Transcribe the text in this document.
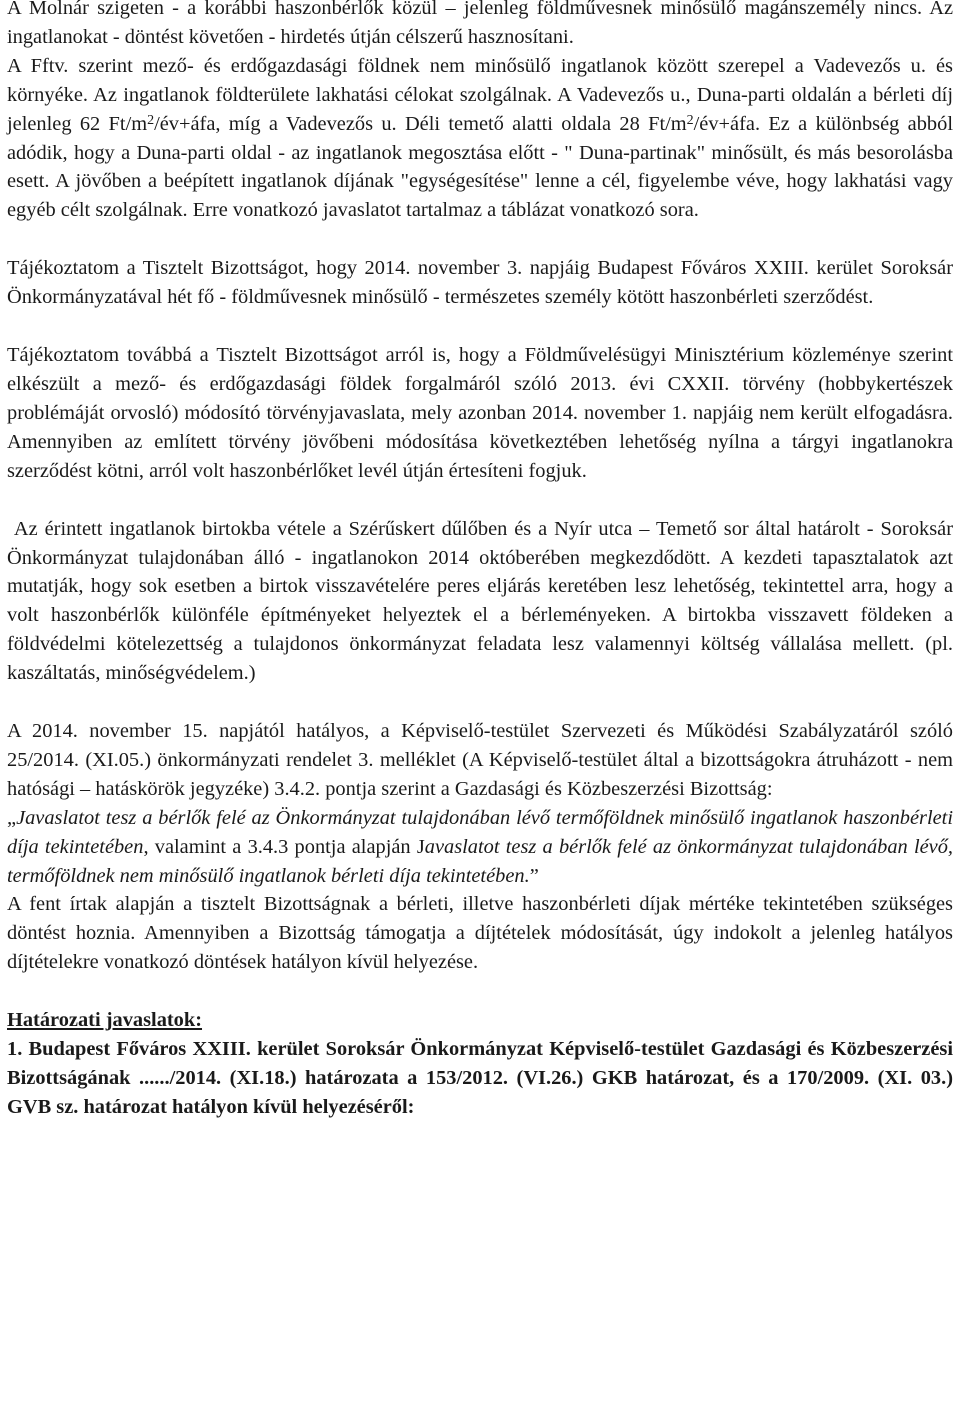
A Molnár szigeten - a korábbi haszonbérlők közül – jelenleg földművesnek minősülő magánszemély nincs. Az ingatlanokat - döntést követően - hirdetés útján célszerű hasznosítani.
A Fftv. szerint mező- és erdőgazdasági földnek nem minősülő ingatlanok között szerepel a Vadevezős u. és környéke. Az ingatlanok földterülete lakhatási célokat szolgálnak. A Vadevezős u., Duna-parti oldalán a bérleti díj jelenleg 62 $Ft/m^2/év+áfa$, míg a Vadevezős u. Déli temető alatti oldala 28 $Ft/m^2/év+áfa$. Ez a különbség abból adódik, hogy a Duna-parti oldal - az ingatlanok megosztása előtt - " Duna-partinak" minősült, és más besorolásba esett. A jövőben a beépített ingatlanok díjának "egységesítése" lenne a cél, figyelembe véve, hogy lakhatási vagy egyéb célt szolgálnak. Erre vonatkozó javaslatot tartalmaz a táblázat vonatkozó sora.

Tájékoztatom a Tisztelt Bizottságot, hogy 2014. november 3. napjáig Budapest Főváros XXIII. kerület Soroksár Önkormányzatával hét fő - földművesnek minősülő - természetes személy kötött haszonbérleti szerződést.

Tájékoztatom továbbá a Tisztelt Bizottságot arról is, hogy a Földművelésügyi Minisztérium közleménye szerint elkészült a mező- és erdőgazdasági földek forgalmáról szóló 2013. évi CXXII. törvény (hobbykertészek problémáját orvosló) módosító törvényjavaslata, mely azonban 2014. november 1. napjáig nem került elfogadásra. Amennyiben az említett törvény jövőbeni módosítása következtében lehetőség nyílna a tárgyi ingatlanokra szerződést kötni, arról volt haszonbérlőket levél útján értesíteni fogjuk.

Az érintett ingatlanok birtokba vétele a Szérűskert dűlőben és a Nyír utca – Temető sor által határolt - Soroksár Önkormányzat tulajdonában álló - ingatlanokon 2014 októberében megkezdődött. A kezdeti tapasztalatok azt mutatják, hogy sok esetben a birtok visszavételére peres eljárás keretében lesz lehetőség, tekintettel arra, hogy a volt haszonbérlők különféle építményeket helyeztek el a bérleményeken. A birtokba visszavett földeken a földvédelmi kötelezettség a tulajdonos önkormányzat feladata lesz valamennyi költség vállalása mellett. (pl. kaszáltatás, minőségvédelem.)

A 2014. november 15. napjától hatályos, a Képviselő-testület Szervezeti és Működési Szabályzatáról szóló 25/2014. (XI.05.) önkormányzati rendelet 3. melléklet (A Képviselő-testület által a bizottságokra átruházott - nem hatósági – hatáskörök jegyzéke) 3.4.2. pontja szerint a Gazdasági és Közbeszerzési Bizottság:
„Javaslatot tesz a bérlők felé az Önkormányzat tulajdonában lévő termőföldnek minősülő ingatlanok haszonbérleti díja tekintetében, valamint a 3.4.3 pontja alapján Javaslatot tesz a bérlők felé az önkormányzat tulajdonában lévő, termőföldnek nem minősülő ingatlanok bérleti díja tekintetében.”
A fent írtak alapján a tisztelt Bizottságnak a bérleti, illetve haszonbérleti díjak mértéke tekintetében szükséges döntést hoznia. Amennyiben a Bizottság támogatja a díjtételek módosítását, úgy indokolt a jelenleg hatályos díjtételekre vonatkozó döntések hatályon kívül helyezése.

Határozati javaslatok:

1. Budapest Főváros XXIII. kerület Soroksár Önkormányzat Képviselő-testület Gazdasági és Közbeszerzési Bizottságának ....../2014. (XI.18.) határozata a 153/2012. (VI.26.) GKB határozat, és a 170/2009. (XI. 03.) GVB sz. határozat hatályon kívül helyezéséről:
